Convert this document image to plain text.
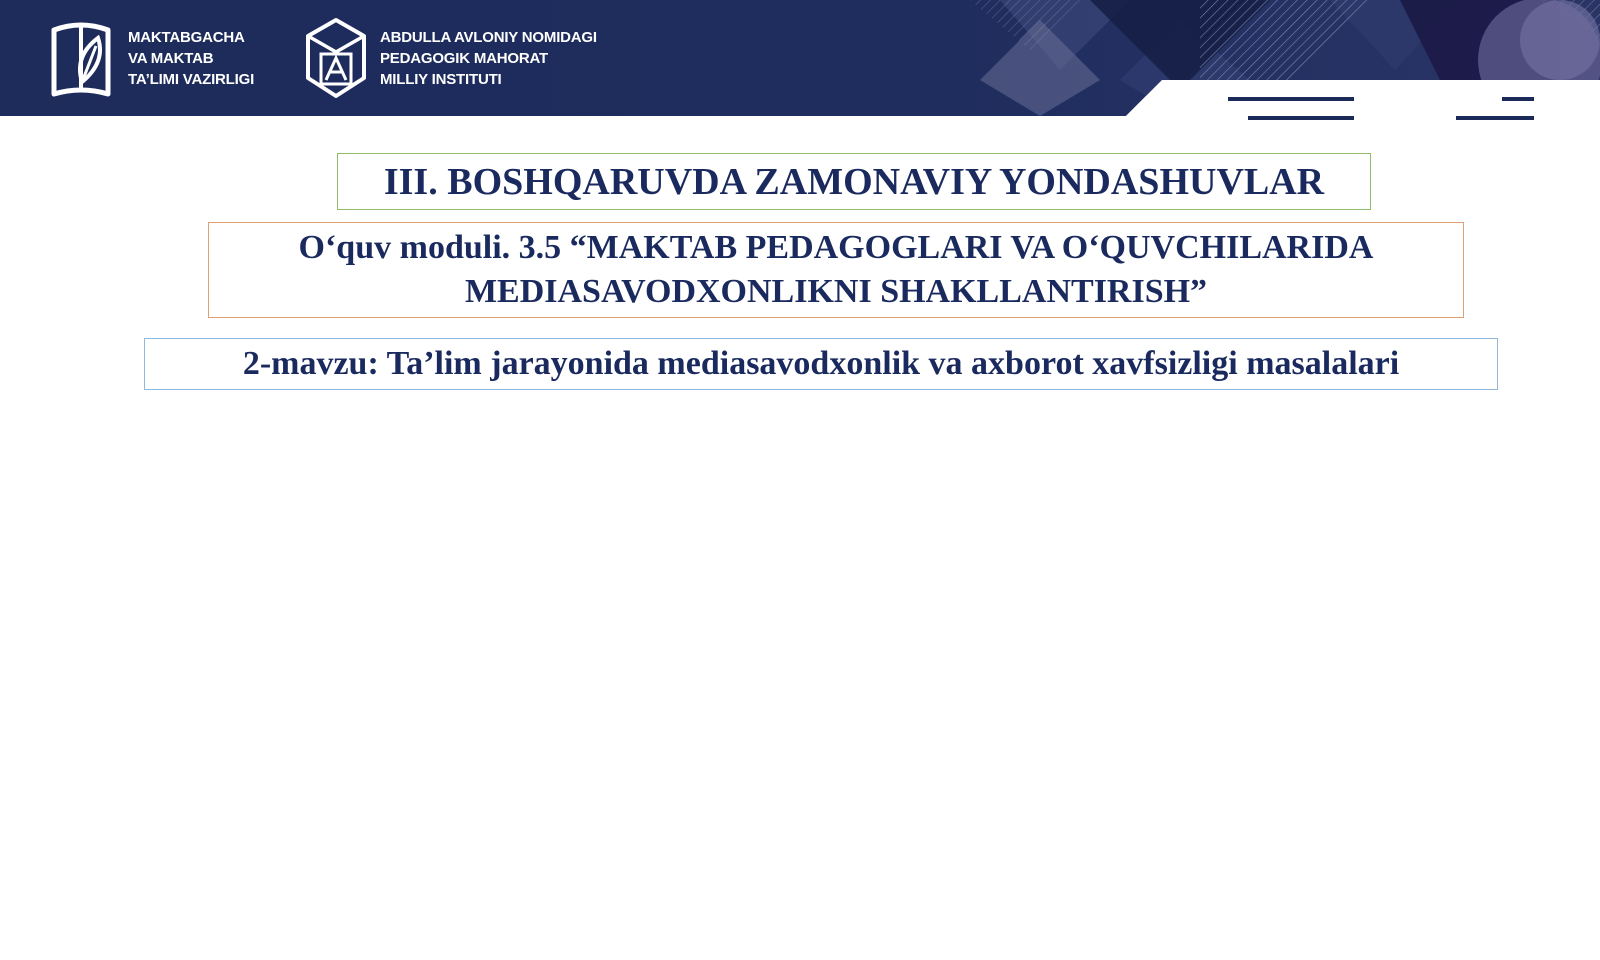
MAKTABGACHA
VA MAKTAB
TA’LIMI VAZIRLIGI
ABDULLA AVLONIY NOMIDAGI
PEDAGOGIK MAHORAT
MILLIY INSTITUTI
III. BOSHQARUVDA ZAMONAVIY YONDASHUVLAR
O‘quv moduli. 3.5 “MAKTAB PEDAGOGLARI VA O‘QUVCHILARIDA
MEDIASAVODXONLIKNI SHAKLLANTIRISH”
2-mavzu: Ta’lim jarayonida mediasavodxonlik va axborot xavfsizligi masalalari
